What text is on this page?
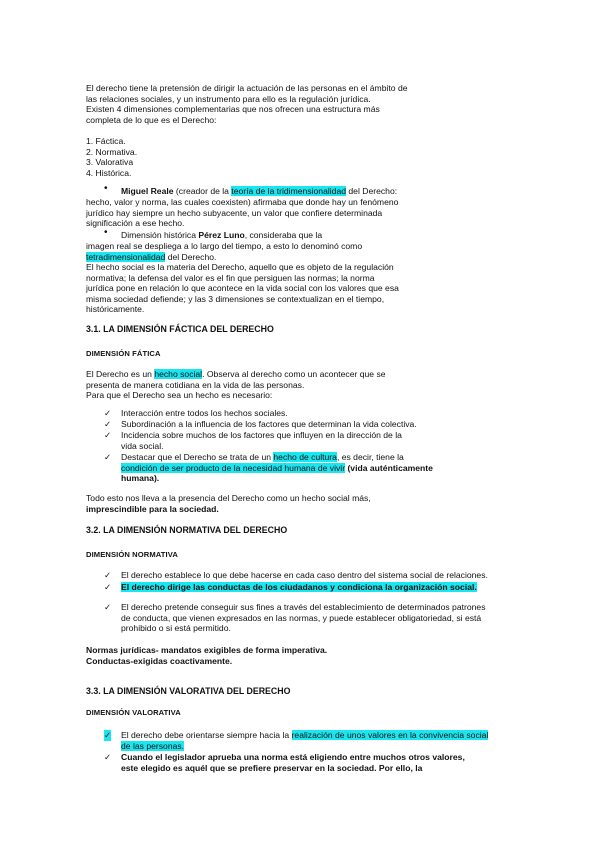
El derecho tiene la pretensión de dirigir la actuación de las personas en el ámbito de
las relaciones sociales, y un instrumento para ello es la regulación jurídica.
Existen 4 dimensiones complementarias que nos ofrecen una estructura más
completa de lo que es el Derecho:
1. Fáctica.
2. Normativa.
3. Valorativa
4. Histórica.
• Miguel Reale (creador de la teoría de la tridimensionalidad del Derecho:
hecho, valor y norma, las cuales coexisten) afirmaba que donde hay un fenómeno
jurídico hay siempre un hecho subyacente, un valor que confiere determinada
significación a ese hecho.
• Dimensión histórica Pérez Luno, consideraba que la
imagen real se despliega a lo largo del tiempo, a esto lo denominó como
tetradimensionalidad del Derecho.
El hecho social es la materia del Derecho, aquello que es objeto de la regulación
normativa; la defensa del valor es el fin que persiguen las normas; la norma
jurídica pone en relación lo que acontece en la vida social con los valores que esa
misma sociedad defiende; y las 3 dimensiones se contextualizan en el tiempo,
históricamente.
3.1. LA DIMENSIÓN FÁCTICA DEL DERECHO
DIMENSIÓN FÁTICA
El Derecho es un hecho social. Observa al derecho como un acontecer que se
presenta de manera cotidiana en la vida de las personas.
Para que el Derecho sea un hecho es necesario:
✓ Interacción entre todos los hechos sociales.
✓ Subordinación a la influencia de los factores que determinan la vida colectiva.
✓ Incidencia sobre muchos de los factores que influyen en la dirección de la
vida social.
✓ Destacar que el Derecho se trata de un hecho de cultura, es decir, tiene la
condición de ser producto de la necesidad humana de vivir (vida auténticamente
humana).
Todo esto nos lleva a la presencia del Derecho como un hecho social más,
imprescindible para la sociedad.
3.2. LA DIMENSIÓN NORMATIVA DEL DERECHO
DIMENSIÓN NORMATIVA
✓ El derecho establece lo que debe hacerse en cada caso dentro del sistema social de relaciones.
✓ El derecho dirige las conductas de los ciudadanos y condiciona la organización social.
✓ El derecho pretende conseguir sus fines a través del establecimiento de determinados patrones
de conducta, que vienen expresados en las normas, y puede establecer obligatoriedad, si está
prohibido o si está permitido.
Normas jurídicas- mandatos exigibles de forma imperativa.
Conductas-exigidas coactivamente.
3.3. LA DIMENSIÓN VALORATIVA DEL DERECHO
DIMENSIÓN VALORATIVA
✓ El derecho debe orientarse siempre hacia la realización de unos valores en la convivencia social
de las personas.
✓ Cuando el legislador aprueba una norma está eligiendo entre muchos otros valores,
este elegido es aquél que se prefiere preservar en la sociedad. Por ello, la
